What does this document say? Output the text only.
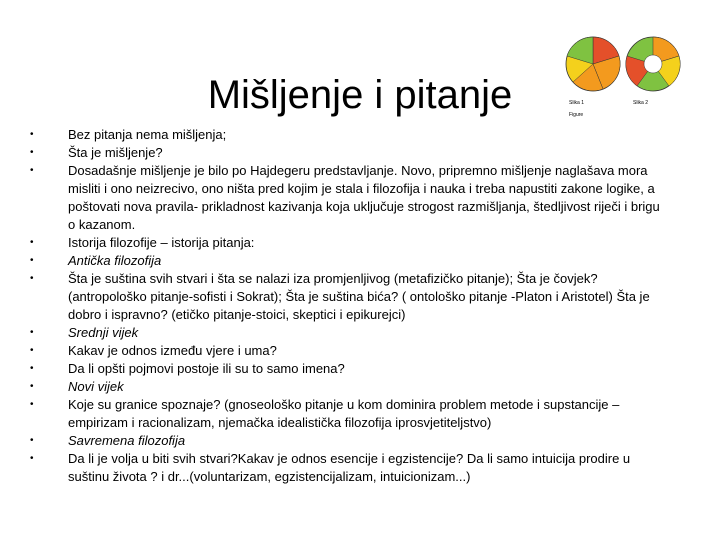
Mišljenje i pitanje	Slika 1	Slika 2
Figure
•	Bez pitanja nema mišljenja;
•	Šta je mišljenje?
•	Dosadašnje mišljenje je bilo po Hajdegeru predstavljanje. Novo, pripremno mišljenje naglašava mora misliti i ono neizrecivo, ono ništa pred kojim je stala i filozofija i nauka i treba napustiti zakone logike, a poštovati nova pravila- prikladnost kazivanja koja uključuje strogost razmišljanja, štedljivost riječi i brigu o kazanom.
•	Istorija filozofije – istorija pitanja:
•	Antička filozofija
•	Šta je suština svih stvari i šta se nalazi iza promjenljivog (metafizičko pitanje); Šta je čovjek? (antropološko pitanje-sofisti i Sokrat); Šta je suština bića? ( ontološko pitanje -Platon i Aristotel) Šta je dobro i ispravno? (etičko pitanje-stoici, skeptici i epikurejci)
•	Srednji vijek
•	Kakav je odnos između vjere i uma?
•	Da li opšti pojmovi postoje ili su to samo imena?
•	Novi vijek
•	Koje su granice spoznaje? (gnoseološko pitanje u kom dominira problem metode i supstancije – empirizam i racionalizam, njemačka idealistička filozofija iprosvjetiteljstvo)
•	Savremena filozofija
•	Da li je volja u biti svih stvari?Kakav je odnos esencije i egzistencije? Da li samo intuicija prodire u suštinu života ? i dr...(voluntarizam, egzistencijalizam, intuicionizam...)
